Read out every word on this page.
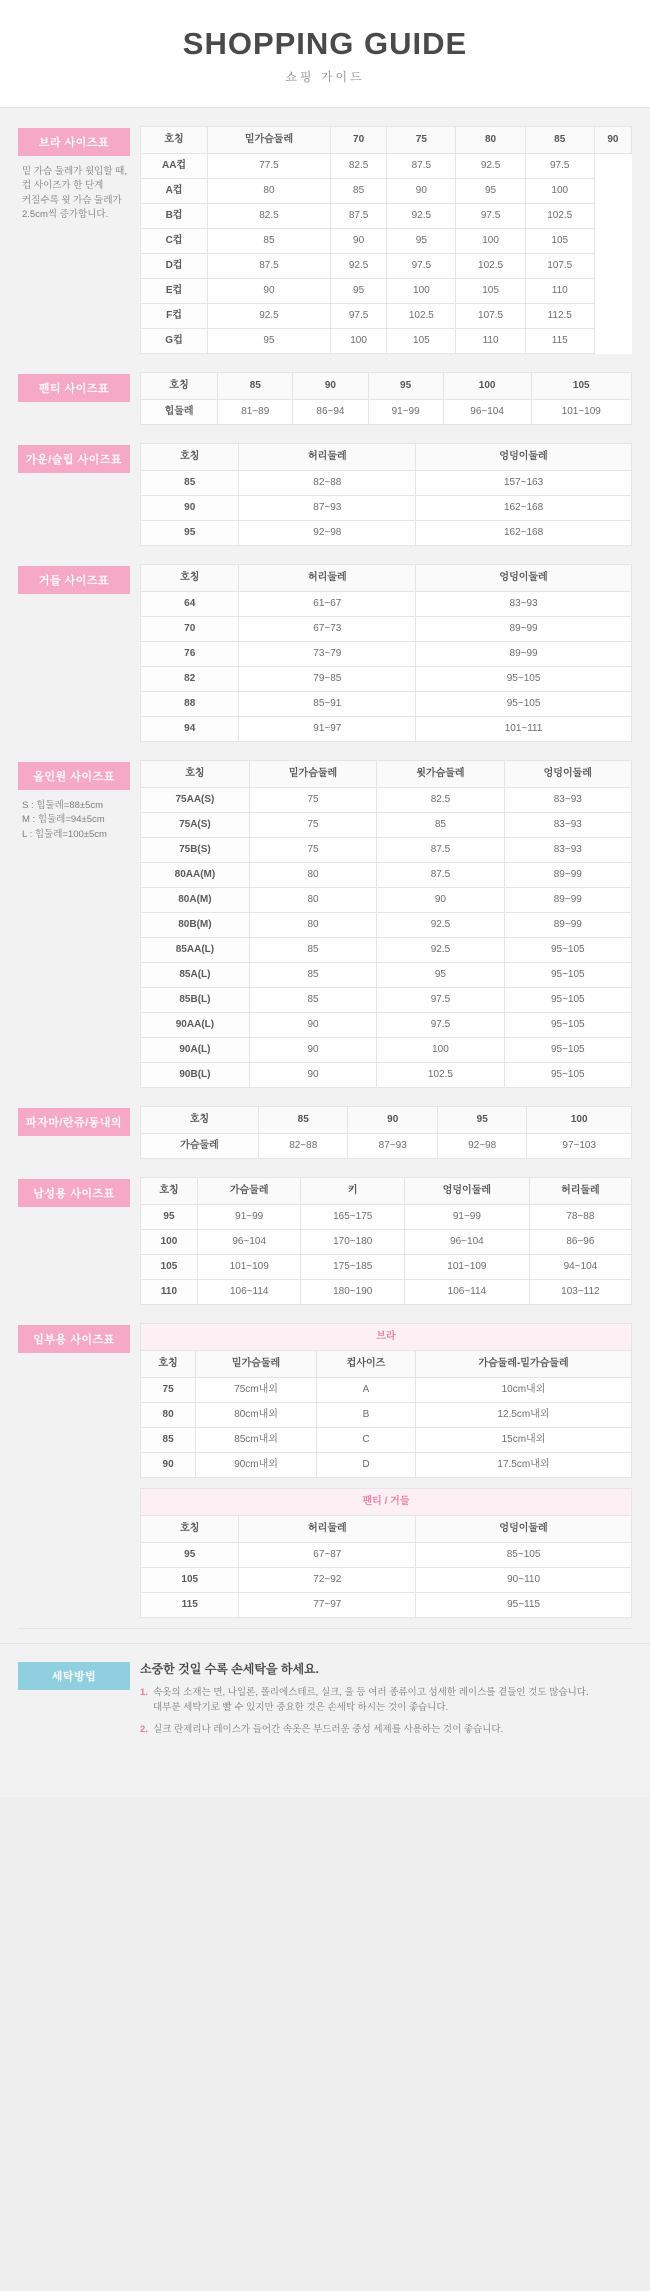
SHOPPING GUIDE
쇼핑 가이드
브라 사이즈표
밑 가슴 둘레가 윗입할 때,
컵 사이즈가 한 단계
커질수록 윗 가슴 둘레가
2.5cm씩 증가합니다.
호칭	밑가슴둘레	70	75	80	85	90
AA컵	77.5	82.5	87.5	92.5	97.5	
A컵	80	85	90	95	100	
B컵	82.5	87.5	92.5	97.5	102.5	
C컵	85	90	95	100	105	
D컵	87.5	92.5	97.5	102.5	107.5	
E컵	90	95	100	105	110	
F컵	92.5	97.5	102.5	107.5	112.5	
G컵	95	100	105	110	115	
팬티 사이즈표	호칭	85	90	95	100	105
힙둘레	81~89	86~94	91~99	96~104	101~109
가운/슬립 사이즈표	호칭	허리둘레	엉덩이둘레
85	82~88	157~163
90	87~93	162~168
95	92~98	162~168
거들 사이즈표	호칭	허리둘레	엉덩이둘레
64	61~67	83~93
70	67~73	89~99
76	73~79	89~99
82	79~85	95~105
88	85~91	95~105
94	91~97	101~111
올인원 사이즈표
S : 힙둘레=88±5cm
M : 힙둘레=94±5cm
L : 힙둘레=100±5cm
호칭	밑가슴둘레	윗가슴둘레	엉덩이둘레
75AA(S)	75	82.5	83~93
75A(S)	75	85	83~93
75B(S)	75	87.5	83~93
80AA(M)	80	87.5	89~99
80A(M)	80	90	89~99
80B(M)	80	92.5	89~99
85AA(L)	85	92.5	95~105
85A(L)	85	95	95~105
85B(L)	85	97.5	95~105
90AA(L)	90	97.5	95~105
90A(L)	90	100	95~105
90B(L)	90	102.5	95~105
파자마/란쥬/동내의	호칭	85	90	95	100
가슴둘레	82~88	87~93	92~98	97~103
남성용 사이즈표	호칭	가슴둘레	키	엉덩이둘레	허리둘레
95	91~99	165~175	91~99	78~88
100	96~104	170~180	96~104	86~96
105	101~109	175~185	101~109	94~104
110	106~114	180~190	106~114	103~112
임부용 사이즈표	브라			
호칭	밑가슴둘레	컵사이즈	가슴둘레-밑가슴둘레
75	75cm내외	A	10cm내외
80	80cm내외	B	12.5cm내외
85	85cm내외	C	15cm내외
90	90cm내외	D	17.5cm내외
팬티 / 거들		
호칭	허리둘레	엉덩이둘레
95	67~87	85~105
105	72~92	90~110
115	77~97	95~115
세탁방법
소중한 것일 수록 손세탁을 하세요.
1. 속옷의 소재는 면, 나일론, 폴리에스테르, 실크, 울 등 여러 종류이고 섬세한 레이스를 곁들인 것도 많습니다.
대부분 세탁기로 빨 수 있지만 중요한 것은 손세탁 하시는 것이 좋습니다.
2. 실크 란제리나 레이스가 들어간 속옷은 부드러운 중성 세제를 사용하는 것이 좋습니다.
